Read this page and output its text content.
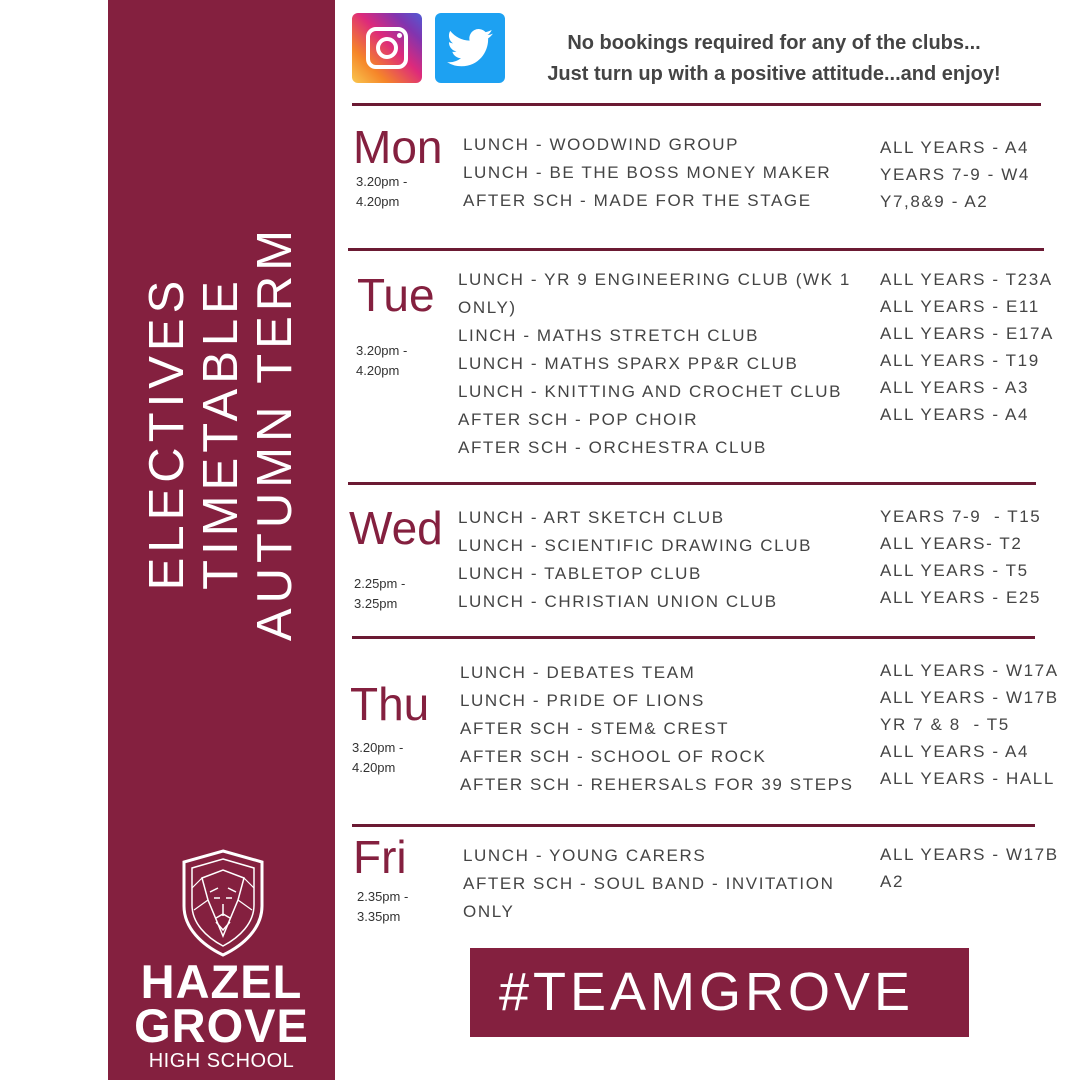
ELECTIVES TIMETABLE AUTUMN TERM
HAZEL
GROVE
HIGH SCHOOL
No bookings required for any of the clubs...
Just turn up with a positive attitude...and enjoy!
Mon
3.20pm -
4.20pm
LUNCH - WOODWIND GROUP
LUNCH - BE THE BOSS MONEY MAKER
AFTER SCH - MADE FOR THE STAGE
ALL YEARS - A4
YEARS 7-9 - W4
Y7,8&9 - A2
Tue
3.20pm -
4.20pm
LUNCH - YR 9 ENGINEERING CLUB (WK 1 ONLY)
LINCH - MATHS STRETCH CLUB
LUNCH - MATHS SPARX PP&R CLUB
LUNCH - KNITTING AND CROCHET CLUB
AFTER SCH - POP CHOIR
AFTER SCH - ORCHESTRA CLUB
ALL YEARS - T23A
ALL YEARS - E11
ALL YEARS - E17A
ALL YEARS - T19
ALL YEARS - A3
ALL YEARS - A4
Wed
2.25pm -
3.25pm
LUNCH - ART SKETCH CLUB
LUNCH - SCIENTIFIC DRAWING CLUB
LUNCH - TABLETOP CLUB
LUNCH - CHRISTIAN UNION CLUB
YEARS 7-9  - T15
ALL YEARS- T2
ALL YEARS - T5
ALL YEARS - E25
Thu
3.20pm -
4.20pm
LUNCH - DEBATES TEAM
LUNCH - PRIDE OF LIONS
AFTER SCH - STEM& CREST
AFTER SCH - SCHOOL OF ROCK
AFTER SCH - REHERSALS FOR 39 STEPS
ALL YEARS - W17A
ALL YEARS - W17B
YR 7 & 8  - T5
ALL YEARS - A4
ALL YEARS - HALL
Fri
2.35pm -
3.35pm
LUNCH - YOUNG CARERS
AFTER SCH - SOUL BAND - INVITATION ONLY
ALL YEARS - W17B
A2
#TEAMGROVE
